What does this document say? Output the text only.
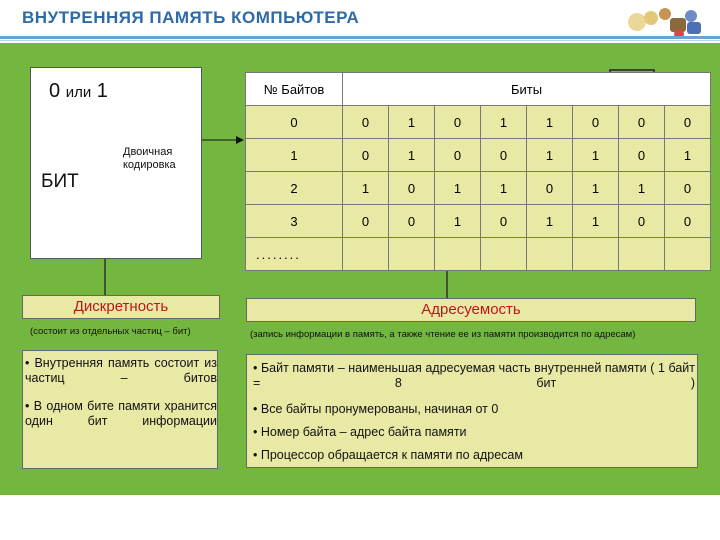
ВНУТРЕННЯЯ ПАМЯТЬ КОМПЬЮТЕРА
0 или 1
БИТ
Двоичная
кодировка
№ Байтов	Биты							
0	0	1	0	1	1	0	0	0
1	0	1	0	0	1	1	0	1
2	1	0	1	1	0	1	1	0
3	0	0	1	0	1	1	0	0
........								
Дискретность
(состоит из отдельных частиц – бит)

• Внутренняя память состоит из частиц – битов

• В одном бите памяти хранится один бит информации

Адресуемость
(запись информации в память, а также чтение ее из памяти производится по адресам)

• Байт памяти – наименьшая адресуемая часть внутренней памяти ( 1 байт = 8 бит )

• Все байты пронумерованы, начиная от 0

• Номер байта – адрес байта памяти

• Процессор обращается к памяти по адресам
